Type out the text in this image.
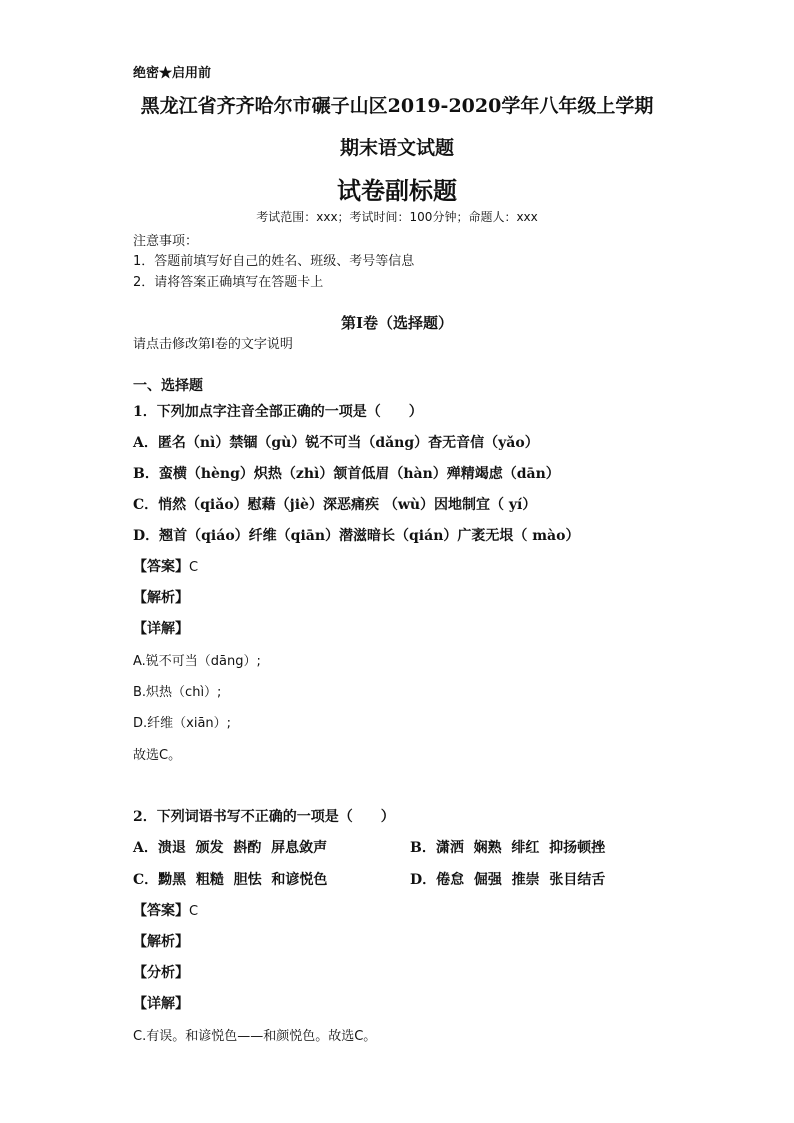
绝密★启用前
黑龙江省齐齐哈尔市碾子山区2019-2020学年八年级上学期
期末语文试题
试卷副标题
考试范围：xxx；考试时间：100分钟；命题人：xxx
注意事项：
1．答题前填写好自己的姓名、班级、考号等信息
2．请将答案正确填写在答题卡上
第I卷（选择题）
请点击修改第I卷的文字说明
一、选择题
1．下列加点字注音全部正确的一项是（　　）
A．匿名（nì）禁锢（gù）锐不可当（dǎng）杳无音信（yǎo）
B．蛮横（hèng）炽热（zhì）颔首低眉（hàn）殚精竭虑（dān）
C．悄然（qiǎo）慰藉（jiè）深恶痛疾 （wù）因地制宜（ yí）
D．翘首（qiáo）纤维（qiān）潜滋暗长（qián）广袤无垠（ mào）
【答案】C
【解析】
【详解】
A.锐不可当（dāng）;
B.炽热（chì）;
D.纤维（xiān）;
故选C。
2．下列词语书写不正确的一项是（　　）
A．溃退  颁发  斟酌  屏息敛声	B．潇洒  娴熟  绯红  抑扬顿挫
C．黝黑  粗糙  胆怯  和谚悦色	D．倦怠  倔强  推崇  张目结舌
【答案】C
【解析】
【分析】
【详解】
C.有误。和谚悦色——和颜悦色。故选C。
